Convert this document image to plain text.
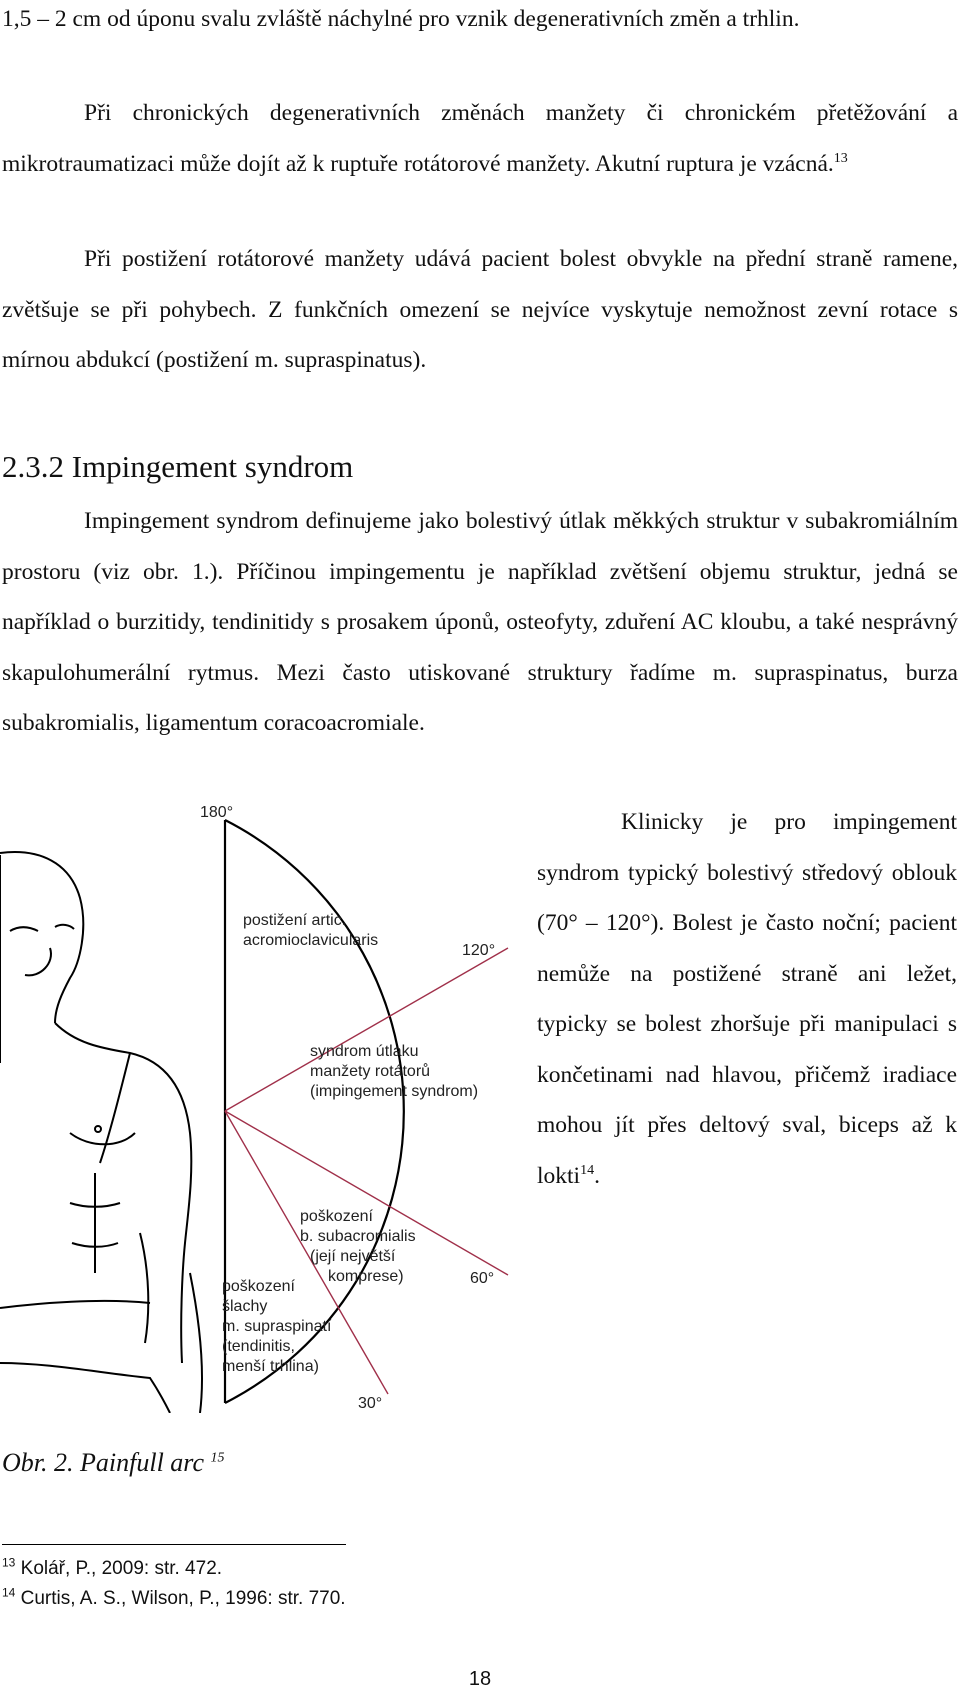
1,5 – 2 cm od úponu svalu zvláště náchylné pro vznik degenerativních změn a trhlin.

Při chronických degenerativních změnách manžety či chronickém přetěžování a mikrotraumatizaci může dojít až k ruptuře rotátorové manžety. Akutní ruptura je vzácná.$^{13}$

Při postižení rotátorové manžety udává pacient bolest obvykle na přední straně ramene, zvětšuje se při pohybech. Z funkčních omezení se nejvíce vyskytuje nemožnost zevní rotace s mírnou abdukcí (postižení m. supraspinatus).

2.3.2 Impingement syndrom

Impingement syndrom definujeme jako bolestivý útlak měkkých struktur v subakromiálním prostoru (viz obr. 1.). Příčinou impingementu je například zvětšení objemu struktur, jedná se například o burzitidy, tendinitidy s prosakem úponů, osteofyty, zduření AC kloubu, a také nesprávný skapulohumerální rytmus. Mezi často utiskované struktury řadíme m. supraspinatus, burza subakromialis, ligamentum coracoacromiale.

180°
120°
60°
30°
postižení artic.
acromioclavicularis
syndrom útlaku
manžety rotátorů
(impingement syndrom)
poškození
b. subacromialis
(její největší
komprese)
poškození
šlachy
m. supraspinatí
(tendinitis,
menší trhlina)

Klinicky je pro impingement syndrom typický bolestivý středový oblouk (70° – 120°). Bolest je často noční; pacient nemůže na postižené straně ani ležet, typicky se bolest zhoršuje při manipulaci s končetinami nad hlavou, přičemž iradiace mohou jít přes deltový sval, biceps až k lokti$^{14}$.

Obr. 2. Painfull arc $^{15}$

$^{13}$ Kolář, P., 2009: str. 472.

$^{14}$ Curtis, A. S., Wilson, P., 1996: str. 770.

18
